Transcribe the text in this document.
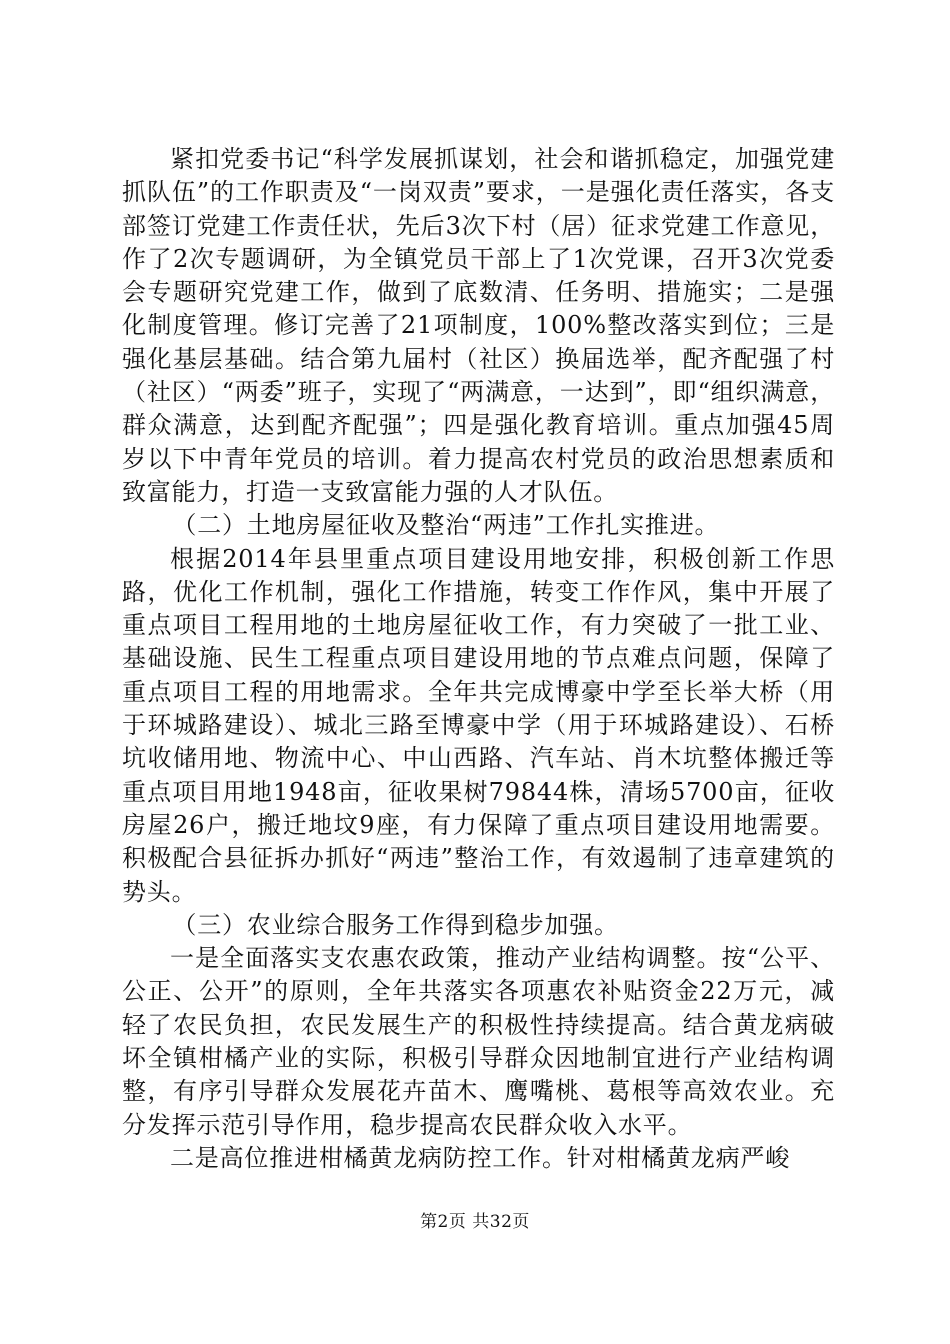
紧扣党委书记“科学发展抓谋划，社会和谐抓稳定，加强党建抓队伍”的工作职责及“一岗双责”要求，一是强化责任落实，各支部签订党建工作责任状，先后3次下村（居）征求党建工作意见，作了2次专题调研，为全镇党员干部上了1次党课，召开3次党委会专题研究党建工作，做到了底数清、任务明、措施实；二是强化制度管理。修订完善了21项制度，100%整改落实到位；三是强化基层基础。结合第九届村（社区）换届选举，配齐配强了村（社区）“两委”班子，实现了“两满意，一达到”，即“组织满意，群众满意，达到配齐配强”；四是强化教育培训。重点加强45周岁以下中青年党员的培训。着力提高农村党员的政治思想素质和致富能力，打造一支致富能力强的人才队伍。

（二）土地房屋征收及整治“两违”工作扎实推进。

根据2014年县里重点项目建设用地安排，积极创新工作思路，优化工作机制，强化工作措施，转变工作作风，集中开展了重点项目工程用地的土地房屋征收工作，有力突破了一批工业、基础设施、民生工程重点项目建设用地的节点难点问题，保障了重点项目工程的用地需求。全年共完成博豪中学至长举大桥（用于环城路建设）、城北三路至博豪中学（用于环城路建设）、石桥坑收储用地、物流中心、中山西路、汽车站、肖木坑整体搬迁等重点项目用地1948亩，征收果树79844株，清场5700亩，征收房屋26户，搬迁地坟9座，有力保障了重点项目建设用地需要。积极配合县征拆办抓好“两违”整治工作，有效遏制了违章建筑的势头。

（三）农业综合服务工作得到稳步加强。

一是全面落实支农惠农政策，推动产业结构调整。按“公平、公正、公开”的原则，全年共落实各项惠农补贴资金22万元，减轻了农民负担，农民发展生产的积极性持续提高。结合黄龙病破坏全镇柑橘产业的实际，积极引导群众因地制宜进行产业结构调整，有序引导群众发展花卉苗木、鹰嘴桃、葛根等高效农业。充分发挥示范引导作用，稳步提高农民群众收入水平。

二是高位推进柑橘黄龙病防控工作。针对柑橘黄龙病严峻

第2页 共32页
